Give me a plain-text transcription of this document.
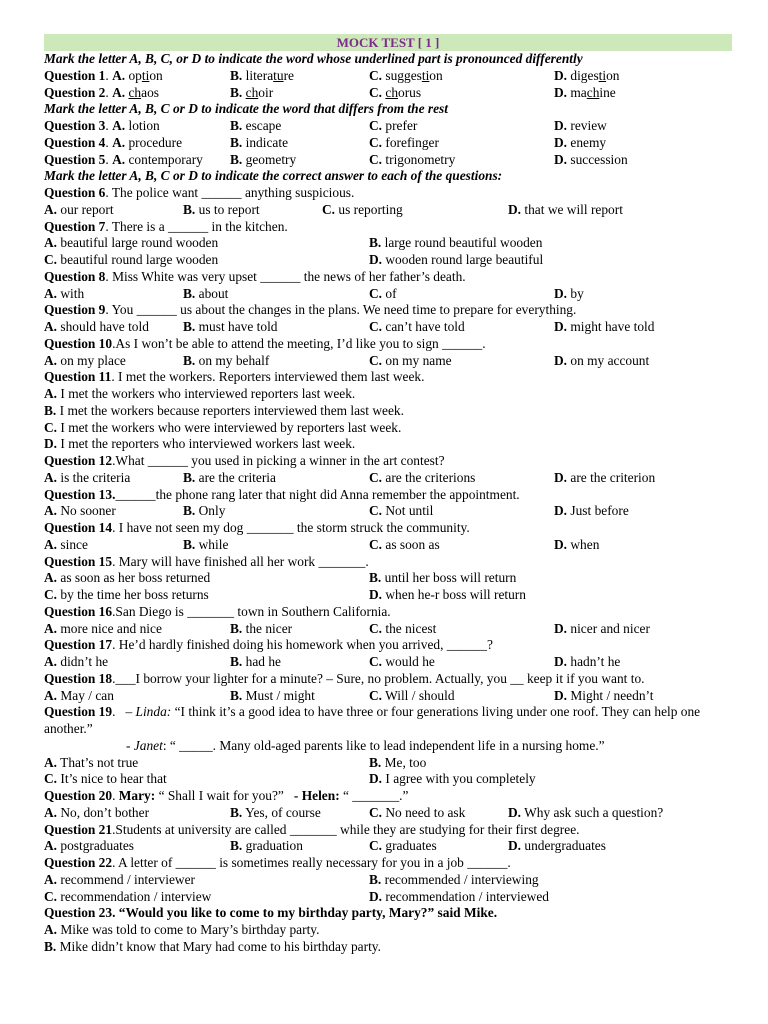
MOCK TEST [ 1 ]
Mark the letter A, B, C, or D to indicate the word whose underlined part is pronounced differently
Question 1. A. option	B. literature	C. suggestion	D. digestion
Question 2. A. chaos	B. choir	C. chorus	D. machine
Mark the letter A, B, C or D to indicate the word that differs from the rest
Question 3. A. lotion	B. escape	C. prefer	D. review
Question 4. A. procedure	B. indicate	C. forefinger	D. enemy
Question 5. A. contemporary B. geometry	C. trigonometry	D. succession
Mark the letter A, B, C or D to indicate the correct answer to each of the questions:
Question 6. The police want ______ anything suspicious.
A. our report	B. us to report	C. us reporting	D. that we will report
Question 7. There is a ______ in the kitchen.
A. beautiful large round wooden	B. large round beautiful wooden
C. beautiful round large wooden	D. wooden round large beautiful
Question 8. Miss White was very upset ______ the news of her father’s death.
A. with	B. about	C. of	D. by
Question 9. You ______ us about the changes in the plans. We need time to prepare for everything.
A. should have told	B. must have told	C. can’t have told	D. might have told
Question 10.As I won’t be able to attend the meeting, I’d like you to sign ______.
A. on my place	B. on my behalf	C. on my name	D. on my account
Question 11. I met the workers. Reporters interviewed them last week.
A. I met the workers who interviewed reporters last week.
B. I met the workers because reporters interviewed them last week.
C. I met the workers who were interviewed by reporters last week.
D. I met the reporters who interviewed workers last week.
Question 12.What ______ you used in picking a winner in the art contest?
A. is the criteria	B. are the criteria	C. are the criterions	D. are the criterion
Question 13.______the phone rang later that night did Anna remember the appointment.
A. No sooner	B. Only	C. Not until	D. Just before
Question 14. I have not seen my dog _______ the storm struck the community.
A. since	B. while	C. as soon as	D. when
Question 15. Mary will have finished all her work _______.
A. as soon as her boss returned	B. until her boss will return
C. by the time her boss returns	D. when he-r boss will return
Question 16.San Diego is _______ town in Southern California.
A. more nice and nice	B. the nicer	C. the nicest	D. nicer and nicer
Question 17. He’d hardly finished doing his homework when you arrived, ______?
A. didn’t he	B. had he	C. would he	D. hadn’t he
Question 18.___I borrow your lighter for a minute? – Sure, no problem. Actually, you __ keep it if you want to.
A. May / can	B. Must / might	C. Will / should	D. Might / needn’t
Question 19.   – Linda: “I think it’s a good idea to have three or four generations living under one roof. They can help one another.”
- Janet: “ _____. Many old-aged parents like to lead independent life in a nursing home.”
A. That’s not true	B. Me, too
C. It’s nice to hear that	D. I agree with you completely
Question 20. Mary: “ Shall I wait for you?” - Helen: “ _______.”
A. No, don’t bother	B. Yes, of course	C. No need to ask	D. Why ask such a question?
Question 21.Students at university are called _______ while they are studying for their first degree.
A. postgraduates	B. graduation	C. graduates	D. undergraduates
Question 22. A letter of ______ is sometimes really necessary for you in a job ______.
A. recommend / interviewer	B. recommended / interviewing
C. recommendation / interview	D. recommendation / interviewed
Question 23. “Would you like to come to my birthday party, Mary?” said Mike.
A. Mike was told to come to Mary’s birthday party.
B. Mike didn’t know that Mary had come to his birthday party.
